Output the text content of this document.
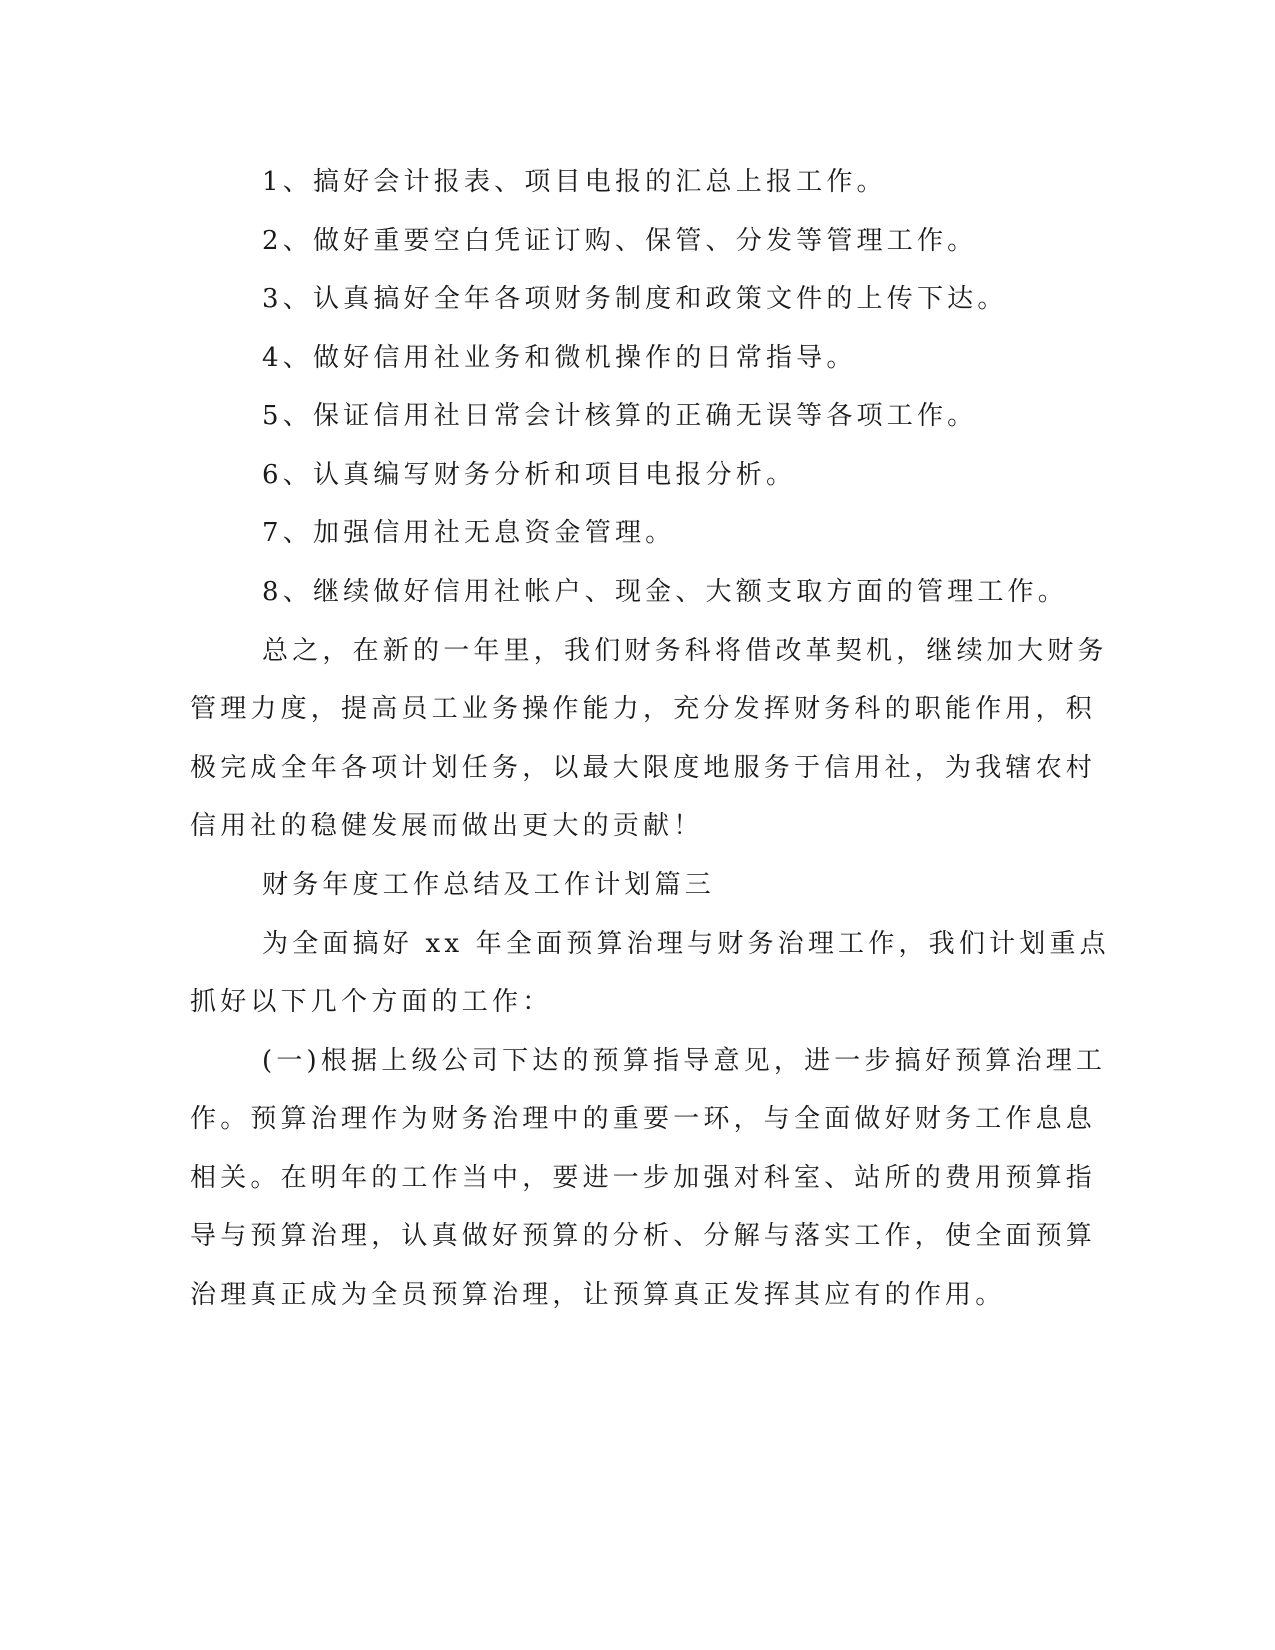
1、搞好会计报表、项目电报的汇总上报工作。
2、做好重要空白凭证订购、保管、分发等管理工作。
3、认真搞好全年各项财务制度和政策文件的上传下达。
4、做好信用社业务和微机操作的日常指导。
5、保证信用社日常会计核算的正确无误等各项工作。
6、认真编写财务分析和项目电报分析。
7、加强信用社无息资金管理。
8、继续做好信用社帐户、现金、大额支取方面的管理工作。
总之，在新的一年里，我们财务科将借改革契机，继续加大财务
管理力度，提高员工业务操作能力，充分发挥财务科的职能作用，积
极完成全年各项计划任务，以最大限度地服务于信用社，为我辖农村
信用社的稳健发展而做出更大的贡献！
财务年度工作总结及工作计划篇三
为全面搞好 xx 年全面预算治理与财务治理工作，我们计划重点
抓好以下几个方面的工作：
(一)根据上级公司下达的预算指导意见，进一步搞好预算治理工
作。预算治理作为财务治理中的重要一环，与全面做好财务工作息息
相关。在明年的工作当中，要进一步加强对科室、站所的费用预算指
导与预算治理，认真做好预算的分析、分解与落实工作，使全面预算
治理真正成为全员预算治理，让预算真正发挥其应有的作用。
